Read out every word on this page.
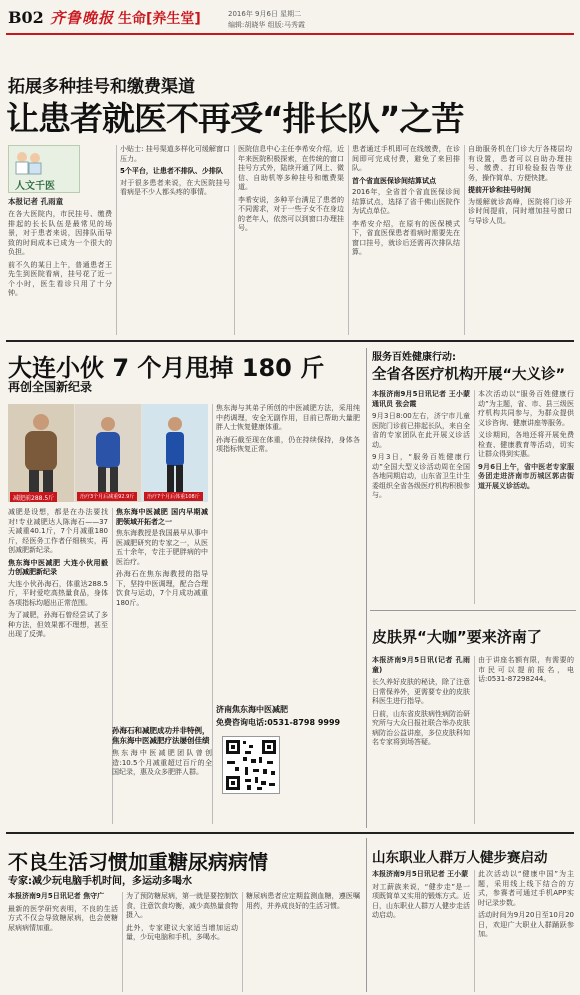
B02 齐鲁晚报 生命[养生堂]	2016年 9月6日 星期二
编辑:胡晓华 组版:马秀霞
拓展多种挂号和缴费渠道
让患者就医不再受“排长队”之苦
人文千医
本报记者 孔雨童

在各大医院内，市民挂号、缴费排起的长长队伍是最常见的场景，对于患者来说，因排队而导致的时间成本已成为一个很大的负担。

前不久的某日上午，普通患者王先生到医院看病，挂号花了近一个小时，医生看诊只用了十分钟。

小贴士: 挂号渠道多样化可缓解窗口压力。

5个平台，让患者不排队、少排队

对于很多患者来说，在大医院挂号看病是不少人都头疼的事情。

医院信息中心主任李希安介绍，近年来医院积极探索，在传统的窗口挂号方式外，陆续开通了网上、微信、自助机等多种挂号和缴费渠道。

李希安说，多种平台满足了患者的不同需求，对于一些子女不在身边的老年人，依然可以到窗口办理挂号。

患者通过手机即可在线缴费，在诊间即可完成付费，避免了来回排队。

首个省直医保诊间结算试点

2016年，全省首个省直医保诊间结算试点，选择了省千佛山医院作为试点单位。

李希安介绍，在原有的医保模式下，省直医保患者看病时需要先在窗口挂号，就诊后还需再次排队结算。

自助服务机在门诊大厅各楼层均有设置，患者可以自助办理挂号、缴费、打印检验报告等业务，操作简单、方便快捷。

提前开诊和挂号时间

为缓解就诊高峰，医院将门诊开诊时间提前，同时增加挂号窗口与导诊人员。

大连小伙 7 个月甩掉 180 斤
再创全国新纪录
减肥前288.5斤	治疗3个月后减重92.9斤	治疗7个月后体重108斤

减肥是设想，都是在办法要找对!专业减肥达人陈海石——37天减重40.1斤，7个月减重180斤，经医务工作者仔细核实，再创减肥新纪录。

焦东海中医减肥 大连小伙用毅力创减肥新纪录

大连小伙孙海石，体重达288.5斤，平时爱吃高热量食品，身体各项指标均超出正常范围。

为了减肥，孙海石曾经尝试了多种方法，但效果都不理想，甚至出现了反弹。

焦东海中医减肥 国内早期减肥领域开拓者之一

焦东海教授是我国最早从事中医减肥研究的专家之一，从医五十余年，专注于肥胖病的中医治疗。

孙海石在焦东海教授的指导下，坚持中医调理，配合合理饮食与运动，7个月成功减重180斤。

焦东海与其弟子所创的中医减肥方法，采用纯中药调理，安全无副作用，目前已帮助大量肥胖人士恢复健康体重。

孙海石截至现在体重，仍在持续保持，身体各项指标恢复正常。

济南焦东海中医减肥
免费咨询电话:0531-8798 9999
孙海石和减肥成功并非特例，焦东海中医减肥疗法屡创佳绩
焦东海中医减肥团队曾创造:10.5个月减重超过百斤的全国纪录，惠及众多肥胖人群。
服务百姓健康行动:
全省各医疗机构开展“大义诊”

本报济南9月5日讯记者 王小蒙 通讯员 张会霞

9月3日8:00左右，济宁市儿童医院门诊前已排起长队，来自全省的专家团队在此开展义诊活动。

9月3日，“服务百姓健康行动”全国大型义诊活动周在全国各地同期启动，山东省卫生计生委组织全省各级医疗机构积极参与。

本次活动以“服务百姓健康行动”为主题，省、市、县三级医疗机构共同参与，为群众提供义诊咨询、健康讲座等服务。

义诊期间，各地还将开展免费检查、健康教育等活动，切实让群众得到实惠。

9月6日上午，省中医老专家服务团走进济南市历城区郭店街道开展义诊活动。

皮肤界“大咖”要来济南了

本报济南9月5日讯(记者 孔雨童)

长久养好皮肤的秘诀，除了注意日常保养外，更需要专业的皮肤科医生进行指导。

日前，山东省皮肤病性病防治研究所与大众日报社联合举办皮肤病防治公益讲座，多位皮肤科知名专家将到场答疑。

由于讲座名额有限，有需要的市民可以提前报名，电话:0531-87298244。

不良生活习惯加重糖尿病病情
专家:减少玩电脑手机时间，多运动多喝水

本报济南9月5日讯记者 焦守广

最新的医学研究表明，不良的生活方式不仅会导致糖尿病，也会使糖尿病病情加重。

为了预防糖尿病，第一就是要控制饮食，注意饮食均衡，减少高热量食物摄入。

此外，专家建议大家适当增加运动量，少玩电脑和手机，多喝水。

糖尿病患者应定期监测血糖，遵医嘱用药，并养成良好的生活习惯。

山东职业人群万人健步赛启动

本报济南9月5日讯记者 王小蒙

对工薪族来说，“健步走”是一项既简单又实用的锻炼方式。近日，山东职业人群万人健步走活动启动。

此次活动以“健康中国”为主题，采用线上线下结合的方式，参赛者可通过手机APP实时记录步数。

活动时间为9月20日至10月20日，欢迎广大职业人群踊跃参加。
